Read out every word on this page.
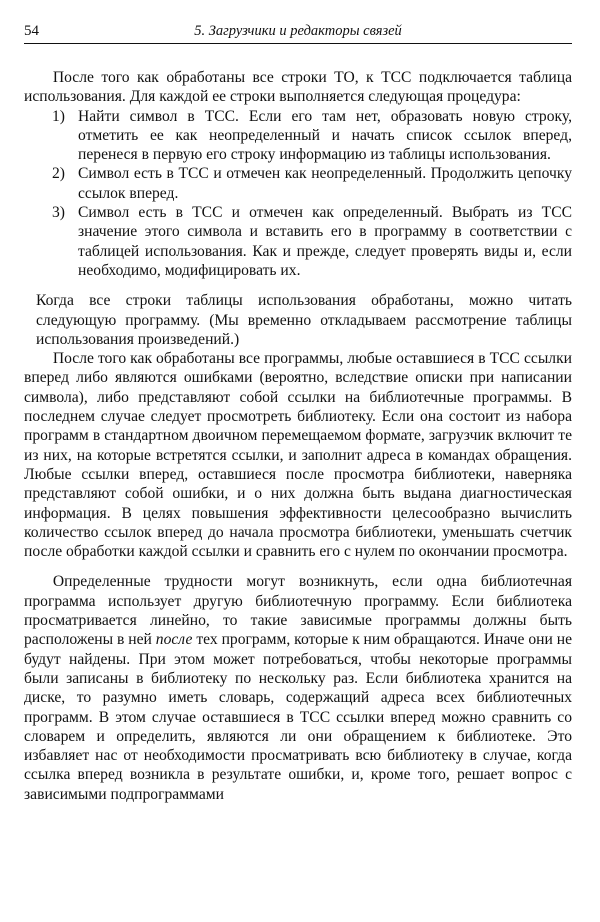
54	5. Загрузчики и редакторы связей

После того как обработаны все строки ТО, к ТСС подключается таблица использования. Для каждой ее строки выполняется следующая процедура:

1) Найти символ в ТСС. Если его там нет, образовать новую строку, отметить ее как неопределенный и начать список ссылок вперед, перенеся в первую его строку информацию из таблицы использования.
2) Символ есть в ТСС и отмечен как неопределенный. Продолжить цепочку ссылок вперед.
3) Символ есть в ТСС и отмечен как определенный. Выбрать из ТСС значение этого символа и вставить его в программу в соответствии с таблицей использования. Как и прежде, следует проверять виды и, если необходимо, модифицировать их.

Когда все строки таблицы использования обработаны, можно читать следующую программу. (Мы временно откладываем рассмотрение таблицы использования произведений.)

После того как обработаны все программы, любые оставшиеся в ТСС ссылки вперед либо являются ошибками (вероятно, вследствие описки при написании символа), либо представляют собой ссылки на библиотечные программы. В последнем случае следует просмотреть библиотеку. Если она состоит из набора программ в стандартном двоичном перемещаемом формате, загрузчик включит те из них, на которые встретятся ссылки, и заполнит адреса в командах обращения. Любые ссылки вперед, оставшиеся после просмотра библиотеки, наверняка представляют собой ошибки, и о них должна быть выдана диагностическая информация. В целях повышения эффективности целесообразно вычислить количество ссылок вперед до начала просмотра библиотеки, уменьшать счетчик после обработки каждой ссылки и сравнить его с нулем по окончании просмотра.

Определенные трудности могут возникнуть, если одна библиотечная программа использует другую библиотечную программу. Если библиотека просматривается линейно, то такие зависимые программы должны быть расположены в ней после тех программ, которые к ним обращаются. Иначе они не будут найдены. При этом может потребоваться, чтобы некоторые программы были записаны в библиотеку по нескольку раз. Если библиотека хранится на диске, то разумно иметь словарь, содержащий адреса всех библиотечных программ. В этом случае оставшиеся в ТСС ссылки вперед можно сравнить со словарем и определить, являются ли они обращением к библиотеке. Это избавляет нас от необходимости просматривать всю библиотеку в случае, когда ссылка вперед возникла в результате ошибки, и, кроме того, решает вопрос с зависимыми подпрограммами
